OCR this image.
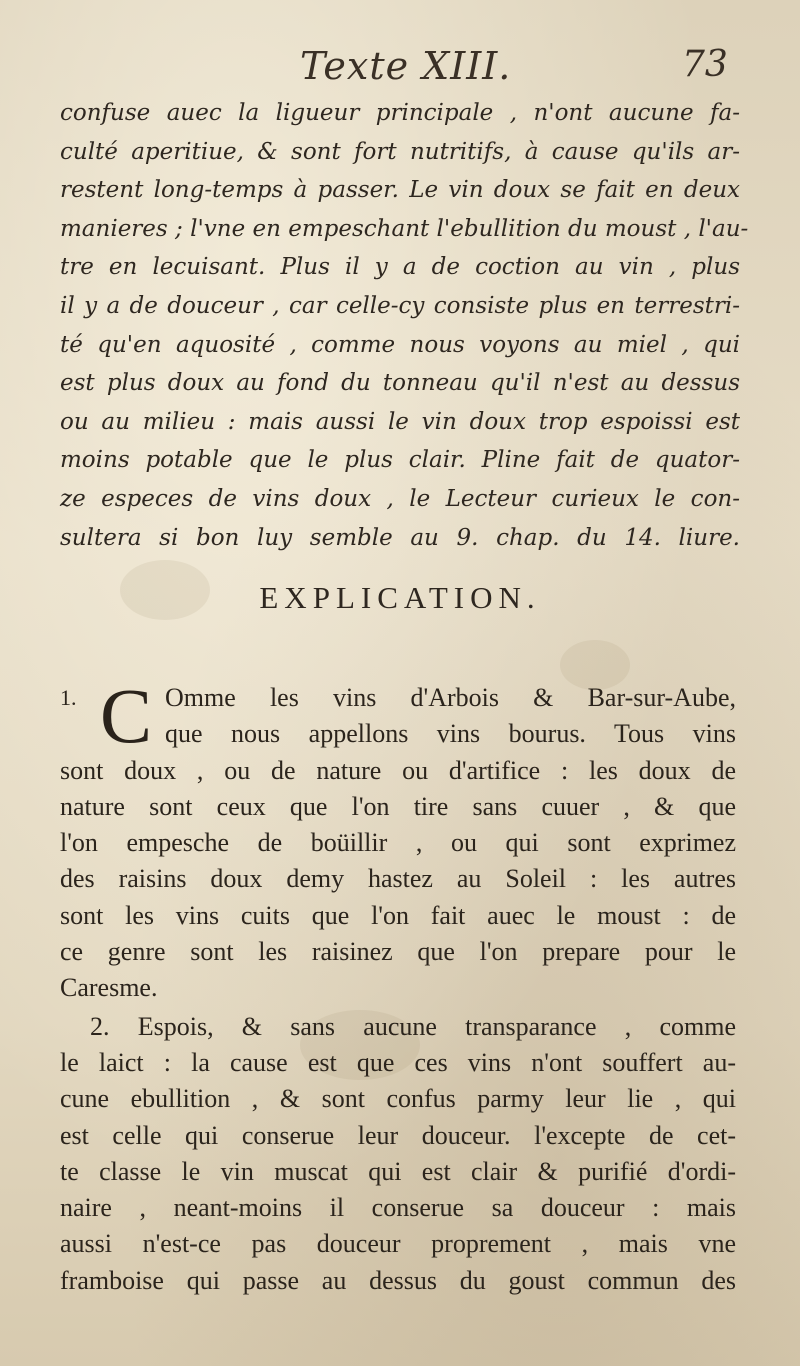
Texte XIII.	73
confuse auec la ligueur principale , n'ont aucune fa-
culté aperitiue, & sont fort nutritifs, à cause qu'ils ar-
restent long-temps à passer. Le vin doux se fait en deux
manieres ; l'vne en empeschant l'ebullition du moust , l'au-
tre en lecuisant. Plus il y a de coction au vin , plus
il y a de douceur , car celle-cy consiste plus en terrestri-
té qu'en aquosité , comme nous voyons au miel , qui
est plus doux au fond du tonneau qu'il n'est au dessus
ou au milieu : mais aussi le vin doux trop espoissi est
moins potable que le plus clair. Pline fait de quator-
ze especes de vins doux , le Lecteur curieux le con-
sultera si bon luy semble au 9. chap. du 14. liure.
EXPLICATION.
1. C Omme les vins d'Arbois & Bar-sur-Aube,
que nous appellons vins bourus. Tous vins
sont doux , ou de nature ou d'artifice : les doux de
nature sont ceux que l'on tire sans cuuer , & que
l'on empesche de boüillir , ou qui sont exprimez
des raisins doux demy hastez au Soleil : les autres
sont les vins cuits que l'on fait auec le moust : de
ce genre sont les raisinez que l'on prepare pour le
Caresme.
2. Espois, & sans aucune transparance , comme
le laict : la cause est que ces vins n'ont souffert au-
cune ebullition , & sont confus parmy leur lie , qui
est celle qui conserue leur douceur. l'excepte de cet-
te classe le vin muscat qui est clair & purifié d'ordi-
naire , neant-moins il conserue sa douceur : mais
aussi n'est-ce pas douceur proprement , mais vne
framboise qui passe au dessus du goust commun des
